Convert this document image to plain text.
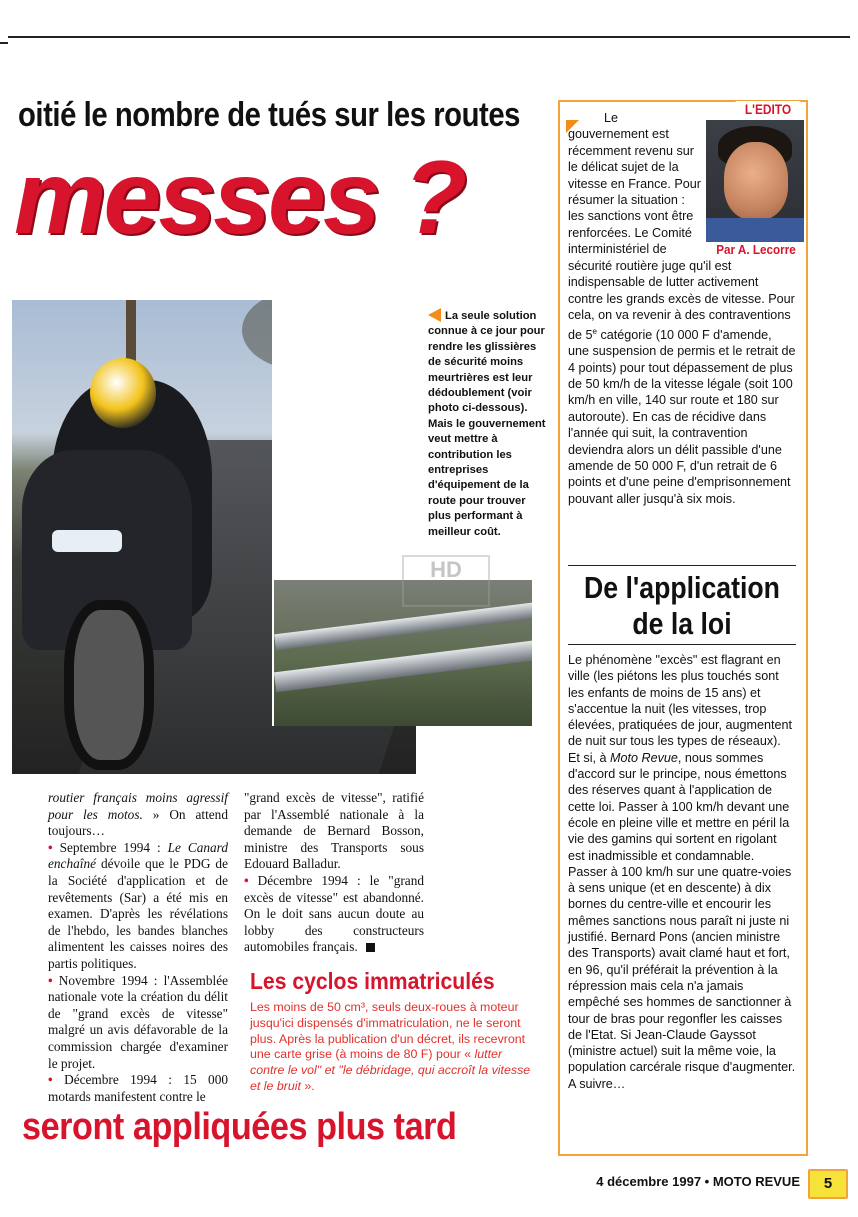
oitié le nombre de tués sur les routes
messes ?
HD
La seule solution connue à ce jour pour rendre les glissières de sécurité moins meurtrières est leur dédoublement (voir photo ci-dessous). Mais le gouvernement veut mettre à contribution les entreprises d'équipement de la route pour trouver plus performant à meilleur coût.
routier français moins agressif pour les motos. » On attend toujours…
• Septembre 1994 : Le Canard enchaîné dévoile que le PDG de la Société d'application et de revêtements (Sar) a été mis en examen. D'après les révélations de l'hebdo, les bandes blanches alimentent les caisses noires des partis politiques.
• Novembre 1994 : l'Assemblée nationale vote la création du délit de "grand excès de vitesse" malgré un avis défavorable de la commission chargée d'examiner le projet.
• Décembre 1994 : 15 000 motards manifestent contre le
"grand excès de vitesse", ratifié par l'Assemblé nationale à la demande de Bernard Bosson, ministre des Transports sous Edouard Balladur.
• Décembre 1994 : le "grand excès de vitesse" est abandonné. On le doit sans aucun doute au lobby des constructeurs automobiles français.
Les cyclos immatriculés
Les moins de 50 cm³, seuls deux-roues à moteur jusqu'ici dispensés d'immatriculation, ne le seront plus. Après la publication d'un décret, ils recevront une carte grise (à moins de 80 F) pour « lutter contre le vol" et "le débridage, qui accroît la vitesse et le bruit ».
seront appliquées plus tard
L'EDITO
Par A. Lecorre
Le gouvernement est récemment revenu sur le délicat sujet de la vitesse en France. Pour résumer la situation : les sanctions vont être renforcées. Le Comité interministériel de
sécurité routière juge qu'il est indispensable de lutter activement contre les grands excès de vitesse. Pour cela, on va revenir à des contraventions de 5e catégorie (10 000 F d'amende, une suspension de permis et le retrait de 4 points) pour tout dépassement de plus de 50 km/h de la vitesse légale (soit 100 km/h en ville, 140 sur route et 180 sur autoroute). En cas de récidive dans l'année qui suit, la contravention deviendra alors un délit passible d'une amende de 50 000 F, d'un retrait de 6 points et d'une peine d'emprisonnement pouvant aller jusqu'à six mois.
De l'application
de la loi
Le phénomène "excès" est flagrant en ville (les piétons les plus touchés sont les enfants de moins de 15 ans) et s'accentue la nuit (les vitesses, trop élevées, pratiquées de jour, augmentent de nuit sur tous les types de réseaux). Et si, à Moto Revue, nous sommes d'accord sur le principe, nous émettons des réserves quant à l'application de cette loi. Passer à 100 km/h devant une école en pleine ville et mettre en péril la vie des gamins qui sortent en rigolant est inadmissible et condamnable. Passer à 100 km/h sur une quatre-voies à sens unique (et en descente) à dix bornes du centre-ville et encourir les mêmes sanctions nous paraît ni juste ni justifié. Bernard Pons (ancien ministre des Transports) avait clamé haut et fort, en 96, qu'il préférait la prévention à la répression mais cela n'a jamais empêché ses hommes de sanctionner à tour de bras pour regonfler les caisses de l'Etat. Si Jean-Claude Gayssot (ministre actuel) suit la même voie, la population carcérale risque d'augmenter. A suivre…
4 décembre 1997 • MOTO REVUE	5
